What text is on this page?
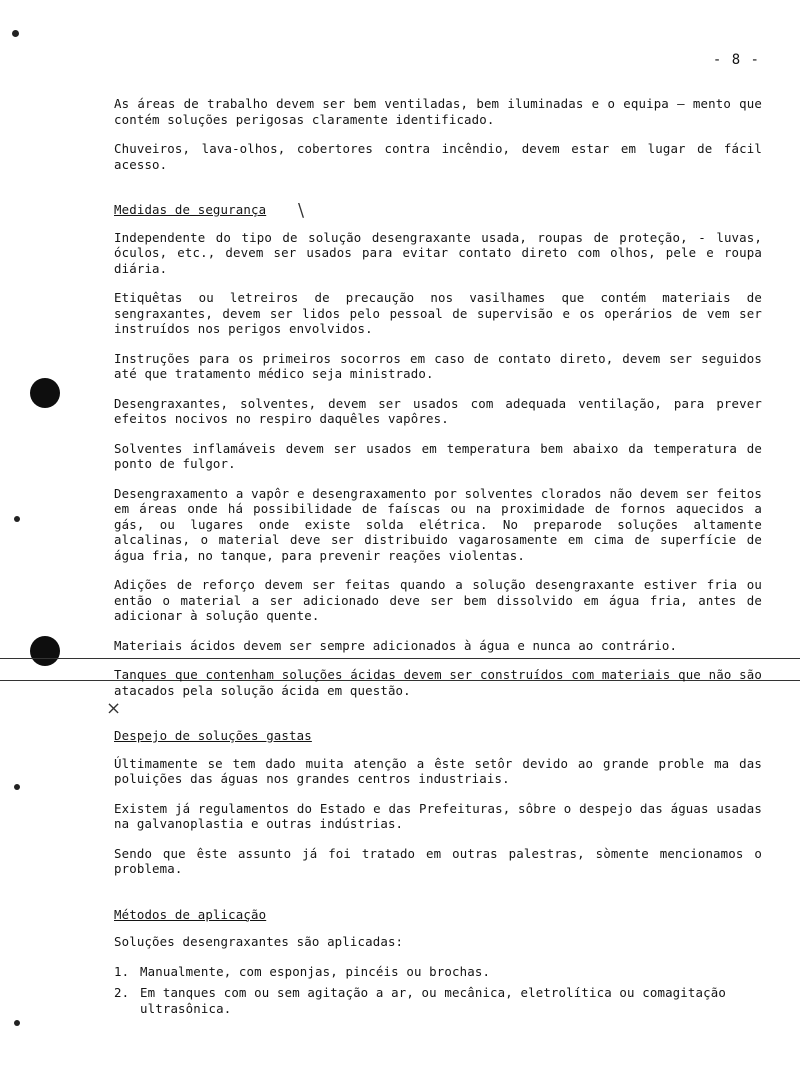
\
×
- 8 -

As áreas de trabalho devem ser bem ventiladas, bem iluminadas e o equipa — mento que contém soluções perigosas claramente identificado.

Chuveiros, lava-olhos, cobertores contra incêndio, devem estar em lugar de fácil acesso.

Medidas de segurança

Independente do tipo de solução desengraxante usada, roupas de proteção, - luvas, óculos, etc., devem ser usados para evitar contato direto com olhos, pele e roupa diária.

Etiquêtas ou letreiros de precaução nos vasilhames que contém materiais de sengraxantes, devem ser lidos pelo pessoal de supervisão e os operários de vem ser instruídos nos perigos envolvidos.

Instruções para os primeiros socorros em caso de contato direto, devem ser seguidos até que tratamento médico seja ministrado.

Desengraxantes, solventes, devem ser usados com adequada ventilação, para prever efeitos nocivos no respiro daquêles vapôres.

Solventes inflamáveis devem ser usados em temperatura bem abaixo da temperatura de ponto de fulgor.

Desengraxamento a vapôr e desengraxamento por solventes clorados não devem ser feitos em áreas onde há possibilidade de faíscas ou na proximidade de fornos aquecidos a gás, ou lugares onde existe solda elétrica. No preparode soluções altamente alcalinas, o material deve ser distribuido vagarosamente em cima de superfície de água fria, no tanque, para prevenir reações violentas.

Adições de reforço devem ser feitas quando a solução desengraxante estiver fria ou então o material a ser adicionado deve ser bem dissolvido em água fria, antes de adicionar à solução quente.

Materiais ácidos devem ser sempre adicionados à água e nunca ao contrário.

Tanques que contenham soluções ácidas devem ser construídos com materiais que não são atacados pela solução ácida em questão.

Despejo de soluções gastas

Últimamente se tem dado muita atenção a êste setôr devido ao grande proble ma das poluições das águas nos grandes centros industriais.

Existem já regulamentos do Estado e das Prefeituras, sôbre o despejo das águas usadas na galvanoplastia e outras indústrias.

Sendo que êste assunto já foi tratado em outras palestras, sòmente mencionamos o problema.

Métodos de aplicação

Soluções desengraxantes são aplicadas:

1. Manualmente, com esponjas, pincéis ou brochas.
2. Em tanques com ou sem agitação a ar, ou mecânica, eletrolítica ou comagitação ultrasônica.
